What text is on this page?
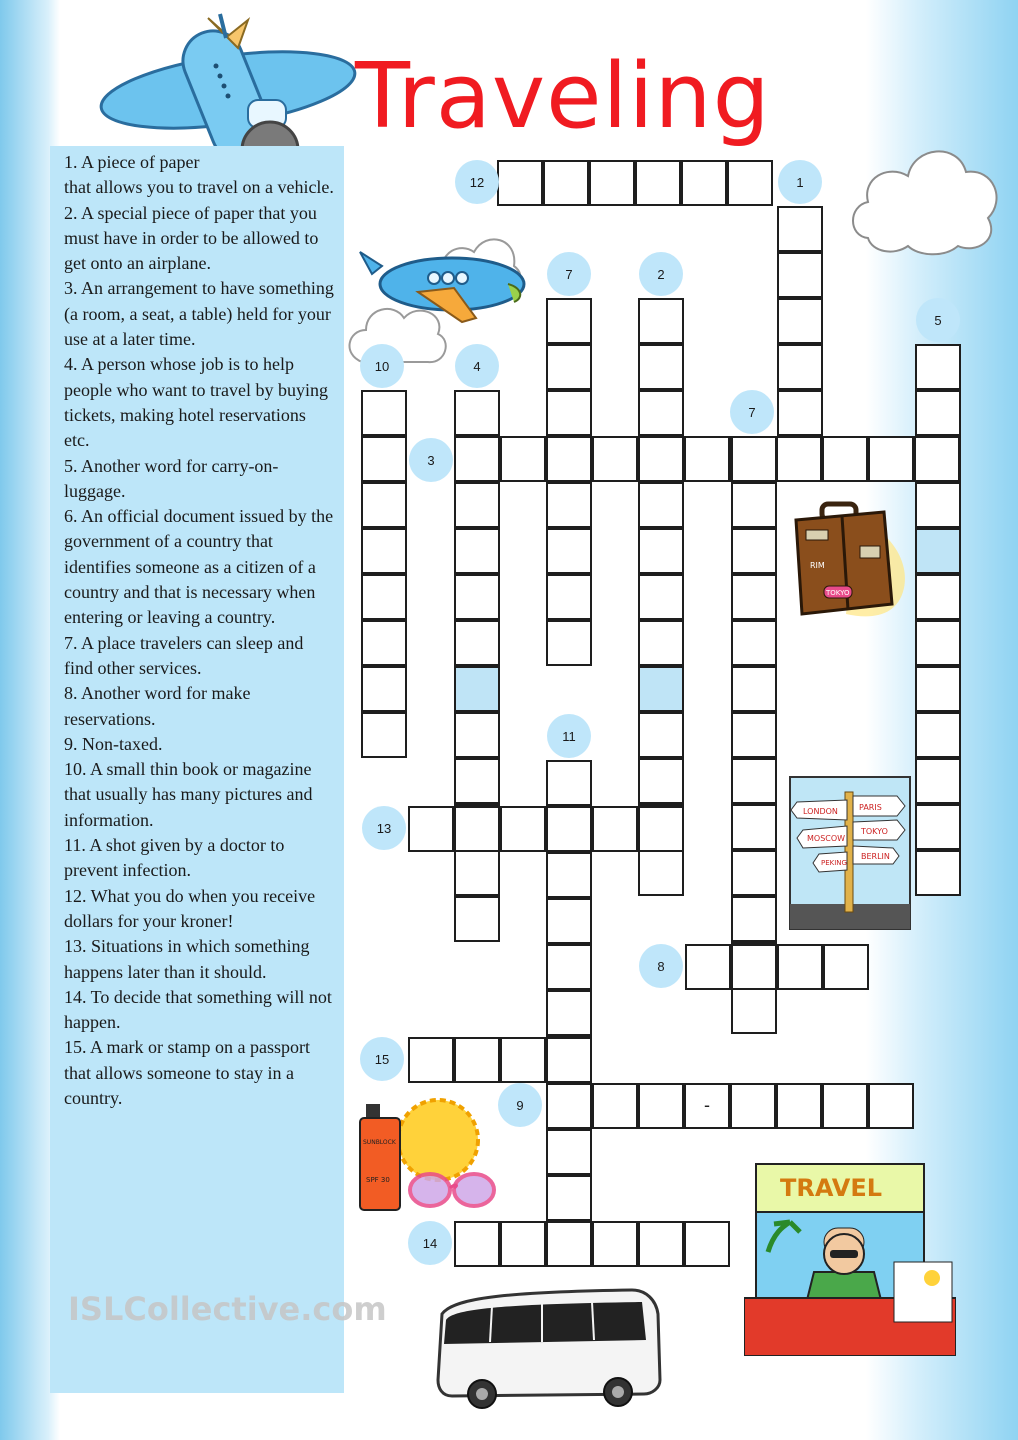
Traveling

1. A piece of paper

that allows you to travel on a vehicle.

2. A special piece of paper that you must have in order to be allowed to get onto an airplane.

3. An arrangement to have something (a room, a seat, a table) held for your use at a later time.

4. A person whose job is to help people who want to travel by buying tickets, making hotel reservations etc.

5. Another word for carry-on-luggage.

6. An official document issued by the government of a country that identifies someone as a citizen of a country and that is necessary when entering or leaving a country.

7. A place travelers can sleep and find other services.

8. Another word for make reservations.

9. Non-taxed.

10. A small thin book or magazine that usually has many pictures and information.

11. A shot given by a doctor to prevent infection.

12. What you do when you receive dollars for your kroner!

13. Situations in which something happens later than it should.

14. To decide that something will not happen.

15. A mark or stamp on a passport that allows someone to stay in a country.	-
12	1
7	2
5
10	4
7
3
11
13
8
15
9
14
RIM
TOKYO
LONDON	PARIS
MOSCOW
TOKYO
BERLIN
PEKING
SUNBLOCK
SPF 30	TRAVEL
ISLCollective.com
